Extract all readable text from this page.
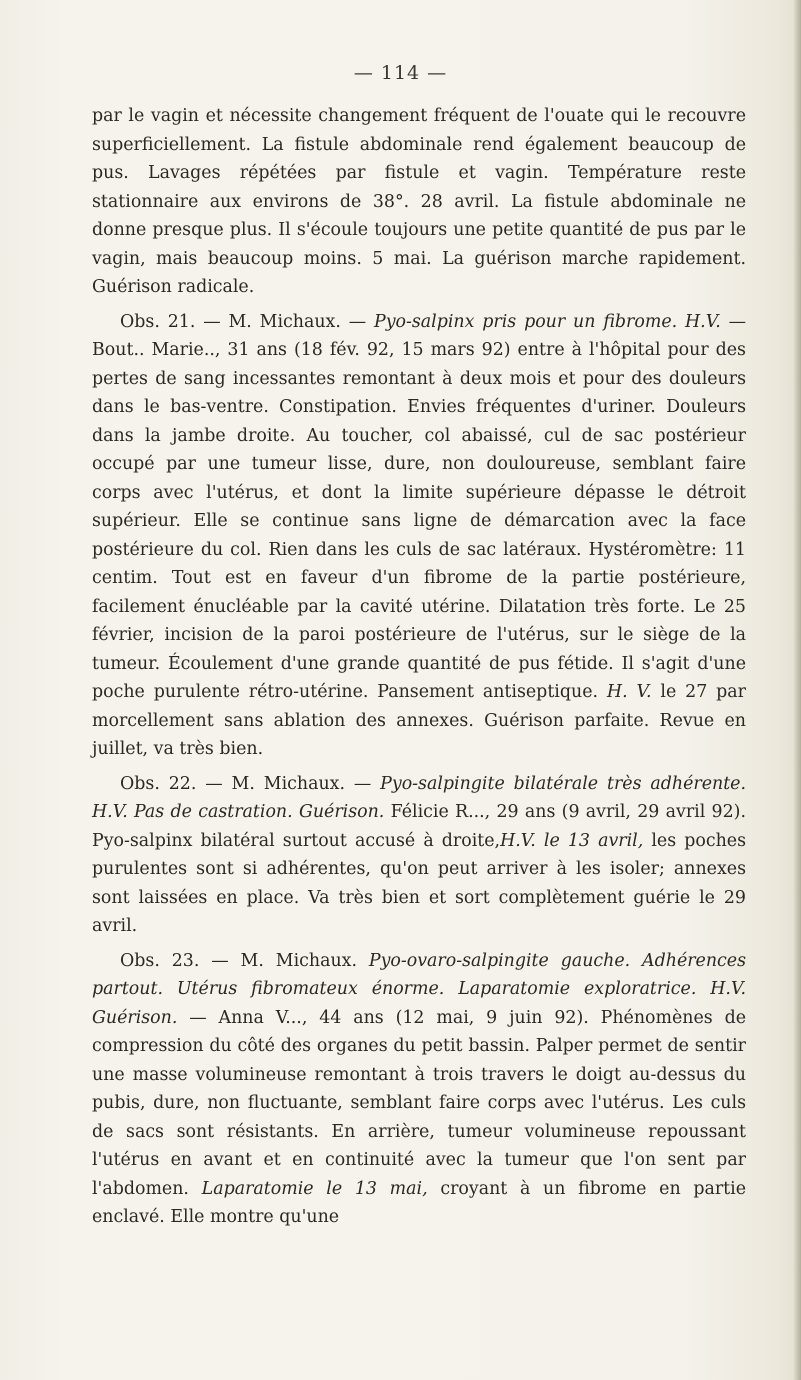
— 114 —

par le vagin et nécessite changement fréquent de l'ouate qui le recouvre superficiellement. La fistule abdominale rend également beaucoup de pus. Lavages répétées par fistule et vagin. Température reste stationnaire aux environs de 38°. 28 avril. La fistule abdominale ne donne presque plus. Il s'écoule toujours une petite quantité de pus par le vagin, mais beaucoup moins. 5 mai. La guérison marche rapidement. Guérison radicale.

Obs. 21. — M. Michaux. — Pyo-salpinx pris pour un fibrome. H.V. — Bout.. Marie.., 31 ans (18 fév. 92, 15 mars 92) entre à l'hôpital pour des pertes de sang incessantes remontant à deux mois et pour des douleurs dans le bas-ventre. Constipation. Envies fréquentes d'uriner. Douleurs dans la jambe droite. Au toucher, col abaissé, cul de sac postérieur occupé par une tumeur lisse, dure, non douloureuse, semblant faire corps avec l'utérus, et dont la limite supérieure dépasse le détroit supérieur. Elle se continue sans ligne de démarcation avec la face postérieure du col. Rien dans les culs de sac latéraux. Hystéromètre: 11 centim. Tout est en faveur d'un fibrome de la partie postérieure, facilement énucléable par la cavité utérine. Dilatation très forte. Le 25 février, incision de la paroi postérieure de l'utérus, sur le siège de la tumeur. Écoulement d'une grande quantité de pus fétide. Il s'agit d'une poche purulente rétro-utérine. Pansement antiseptique. H. V. le 27 par morcellement sans ablation des annexes. Guérison parfaite. Revue en juillet, va très bien.

Obs. 22. — M. Michaux. — Pyo-salpingite bilatérale très adhérente. H.V. Pas de castration. Guérison. Félicie R..., 29 ans (9 avril, 29 avril 92). Pyo-salpinx bilatéral surtout accusé à droite,H.V. le 13 avril, les poches purulentes sont si adhérentes, qu'on peut arriver à les isoler; annexes sont laissées en place. Va très bien et sort complètement guérie le 29 avril.

Obs. 23. — M. Michaux. Pyo-ovaro-salpingite gauche. Adhérences partout. Utérus fibromateux énorme. Laparatomie exploratrice. H.V. Guérison. — Anna V..., 44 ans (12 mai, 9 juin 92). Phénomènes de compression du côté des organes du petit bassin. Palper permet de sentir une masse volumineuse remontant à trois travers le doigt au-dessus du pubis, dure, non fluctuante, semblant faire corps avec l'utérus. Les culs de sacs sont résistants. En arrière, tumeur volumineuse repoussant l'utérus en avant et en continuité avec la tumeur que l'on sent par l'abdomen. Laparatomie le 13 mai, croyant à un fibrome en partie enclavé. Elle montre qu'une
